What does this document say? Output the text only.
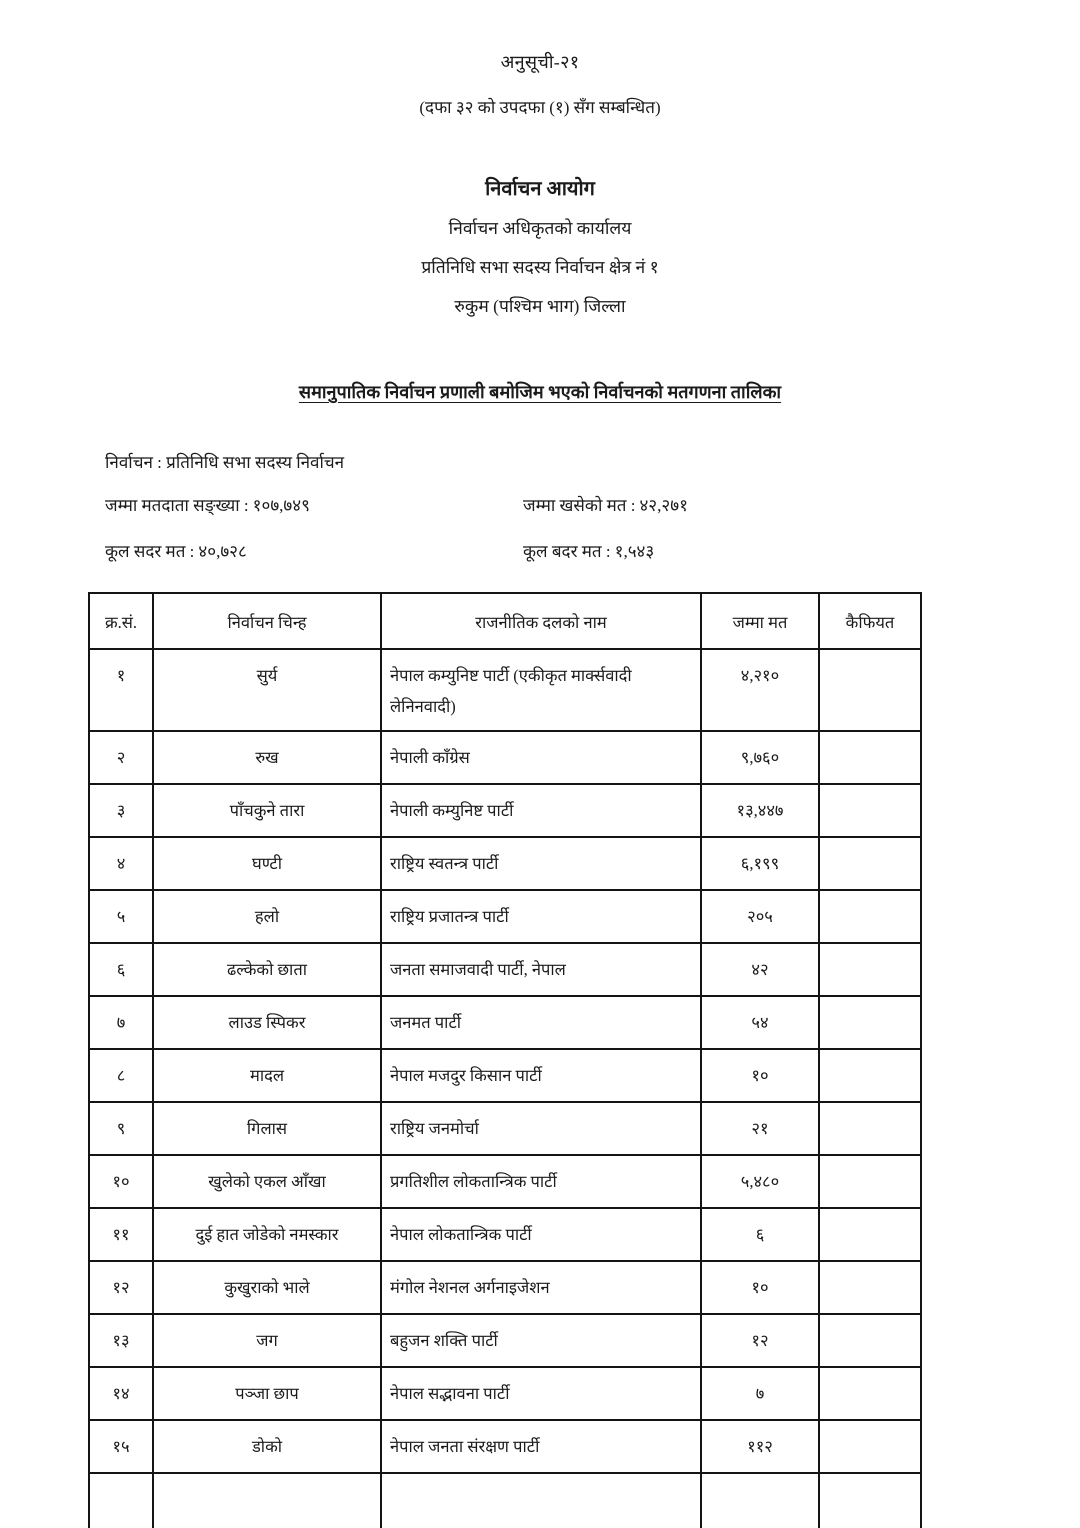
अनुसूची-२१

(दफा ३२ को उपदफा (१) सँग सम्बन्धित)

निर्वाचन आयोग

निर्वाचन अधिकृतको कार्यालय

प्रतिनिधि सभा सदस्य निर्वाचन क्षेत्र नं १

रुकुम (पश्चिम भाग) जिल्ला

समानुपातिक निर्वाचन प्रणाली बमोजिम भएको निर्वाचनको मतगणना तालिका

निर्वाचन : प्रतिनिधि सभा सदस्य निर्वाचन

जम्मा मतदाता सङ्ख्या : १०७,७४९	जम्मा खसेको मत : ४२,२७१
कूल सदर मत : ४०,७२८	कूल बदर मत : १,५४३
क्र.सं.	निर्वाचन चिन्ह	राजनीतिक दलको नाम	जम्मा मत	कैफियत
१	सुर्य	नेपाल कम्युनिष्ट पार्टी (एकीकृत मार्क्सवादी लेनिनवादी)	४,२१०	
२	रुख	नेपाली काँग्रेस	९,७६०	
३	पाँचकुने तारा	नेपाली कम्युनिष्ट पार्टी	१३,४४७	
४	घण्टी	राष्ट्रिय स्वतन्त्र पार्टी	६,१९९	
५	हलो	राष्ट्रिय प्रजातन्त्र पार्टी	२०५	
६	ढल्केको छाता	जनता समाजवादी पार्टी, नेपाल	४२	
७	लाउड स्पिकर	जनमत पार्टी	५४	
८	मादल	नेपाल मजदुर किसान पार्टी	१०	
९	गिलास	राष्ट्रिय जनमोर्चा	२१	
१०	खुलेको एकल आँखा	प्रगतिशील लोकतान्त्रिक पार्टी	५,४८०	
११	दुई हात जोडेको नमस्कार	नेपाल लोकतान्त्रिक पार्टी	६	
१२	कुखुराको भाले	मंगोल नेशनल अर्गनाइजेशन	१०	
१३	जग	बहुजन शक्ति पार्टी	१२	
१४	पञ्जा छाप	नेपाल सद्भावना पार्टी	७	
१५	डोको	नेपाल जनता संरक्षण पार्टी	११२	
